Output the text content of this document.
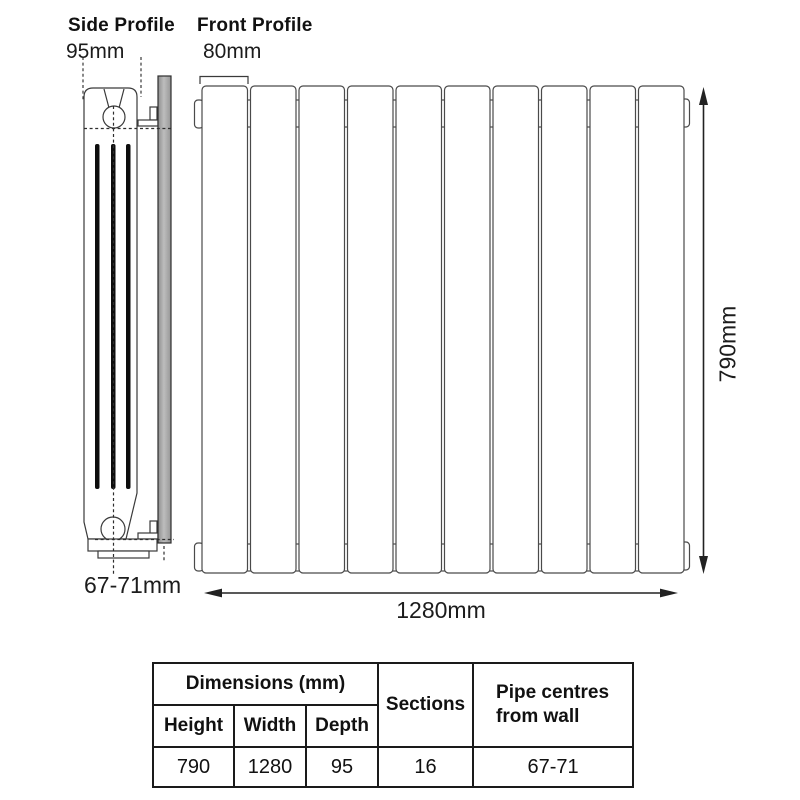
Side Profile
95mm
Front Profile
80mm
790mm
1280mm
67-71mm
Dimensions (mm)			Sections	Pipe centres from wall
Height	Width	Depth		
790	1280	95	16	67-71
